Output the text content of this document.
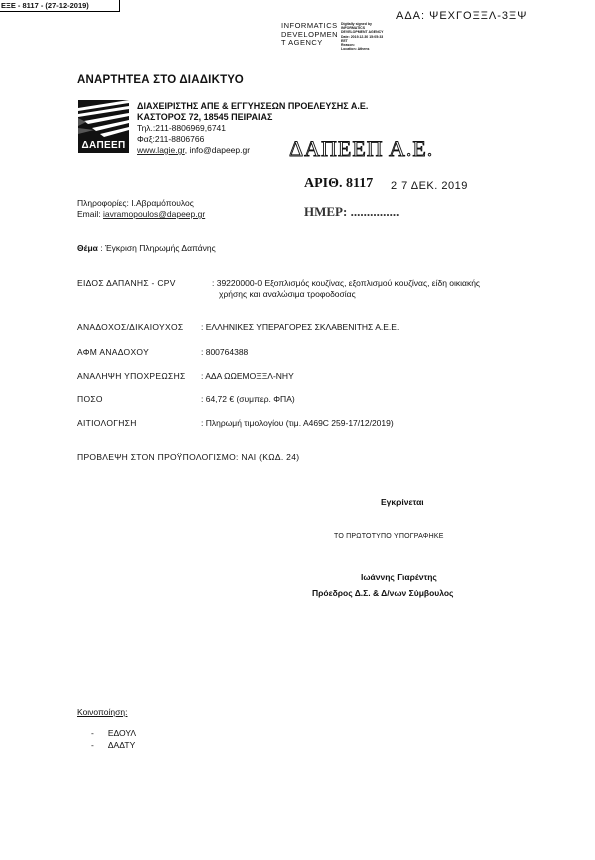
ΕΞΕ - 8117 - (27-12-2019)
ΑΔΑ: ΨΕΧΓΟΞΞΛ-3ΞΨ
INFORMATICS
DEVELOPMEN
T AGENCY
Digitally signed by
INFORMATICS
DEVELOPMENT AGENCY
Date: 2019.12.30 15:05:33
EET
Reason:
Location: Athens
ΑΝΑΡΤΗΤΕΑ ΣΤΟ ΔΙΑΔΙΚΤΥΟ
ΔΑΠΕΕΠ
ΔΙΑΧΕΙΡΙΣΤΗΣ ΑΠΕ & ΕΓΓΥΗΣΕΩΝ ΠΡΟΕΛΕΥΣΗΣ Α.Ε.
ΚΑΣΤΟΡΟΣ 72, 18545 ΠΕΙΡΑΙΑΣ
Τηλ.:211-8806969,6741
Φαξ:211-8806766
www.lagie.gr, info@dapeep.gr ΔΑΠΕΕΠ Α.Ε.
ΑΡΙΘ. 8117 2 7 ΔΕΚ. 2019
ΗΜΕΡ: ...............
Πληροφορίες: Ι.Αβραμόπουλος
Email: iavramopoulos@dapeep.gr
Θέμα : Έγκριση Πληρωμής Δαπάνης
ΕΙΔΟΣ ΔΑΠΑΝΗΣ - CPV	: 39220000-0 Εξοπλισμός κουζίνας, εξοπλισμού κουζίνας, είδη οικιακής
χρήσης και αναλώσιμα τροφοδοσίας
ΑΝΑΔΟΧΟΣ/ΔΙΚΑΙΟΥΧΟΣ : ΕΛΛΗΝΙΚΕΣ ΥΠΕΡΑΓΟΡΕΣ ΣΚΛΑΒΕΝΙΤΗΣ Α.Ε.Ε.
ΑΦΜ ΑΝΑΔΟΧΟΥ	: 800764388
ΑΝΑΛΗΨΗ ΥΠΟΧΡΕΩΣΗΣ : ΑΔΑ ΩΩΕΜΟΞΞΛ-ΝΗΥ
ΠΟΣΟ	: 64,72 € (συμπερ. ΦΠΑ)
ΑΙΤΙΟΛΟΓΗΣΗ	: Πληρωμή τιμολογίου (τιμ. Α469C 259-17/12/2019)
ΠΡΟΒΛΕΨΗ ΣΤΟΝ ΠΡΟΫΠΟΛΟΓΙΣΜΟ: ΝΑΙ (ΚΩΔ. 24)
Εγκρίνεται
ΤΟ ΠΡΩΤΟΤΥΠΟ ΥΠΟΓΡΑΦΗΚΕ
Ιωάννης Γιαρέντης
Πρόεδρος Δ.Σ. & Δ/νων Σύμβουλος
Κοινοποίηση:
- ΕΔΟΥΛ
- ΔΑΔΤΥ
